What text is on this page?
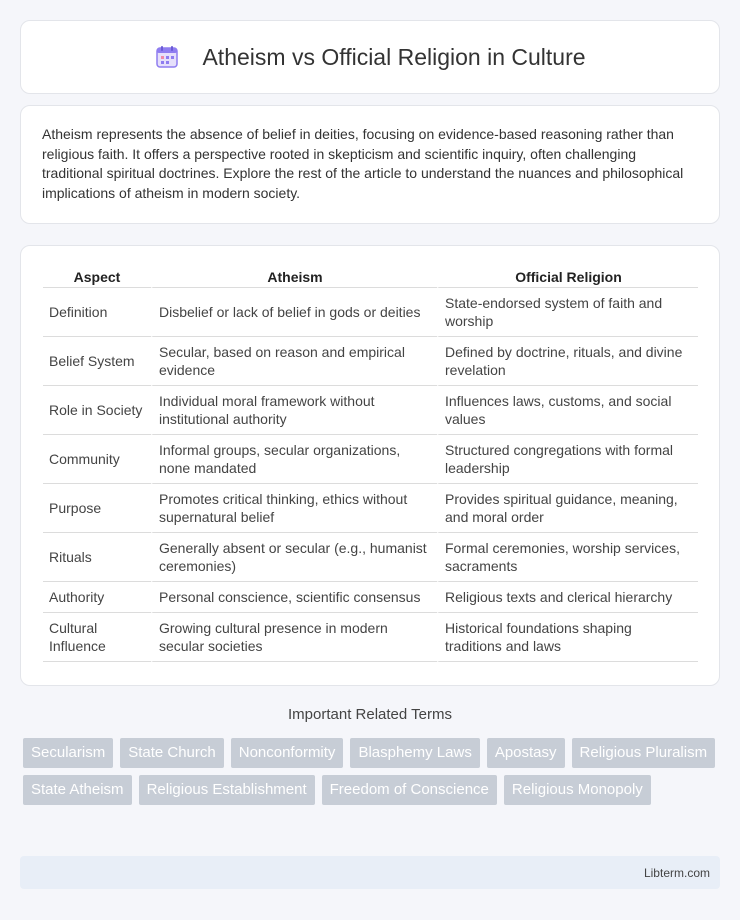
Atheism vs Official Religion in Culture

Atheism represents the absence of belief in deities, focusing on evidence-based reasoning rather than religious faith. It offers a perspective rooted in skepticism and scientific inquiry, often challenging traditional spiritual doctrines. Explore the rest of the article to understand the nuances and philosophical implications of atheism in modern society.

Aspect	Atheism	Official Religion
Definition	Disbelief or lack of belief in gods or deities	State-endorsed system of faith and worship
Belief System	Secular, based on reason and empirical evidence	Defined by doctrine, rituals, and divine revelation
Role in Society	Individual moral framework without institutional authority	Influences laws, customs, and social values
Community	Informal groups, secular organizations, none mandated	Structured congregations with formal leadership
Purpose	Promotes critical thinking, ethics without supernatural belief	Provides spiritual guidance, meaning, and moral order
Rituals	Generally absent or secular (e.g., humanist ceremonies)	Formal ceremonies, worship services, sacraments
Authority	Personal conscience, scientific consensus	Religious texts and clerical hierarchy
Cultural Influence	Growing cultural presence in modern secular societies	Historical foundations shaping traditions and laws
Important Related Terms
Secularism	State Church	Nonconformity	Blasphemy Laws	Apostasy	Religious Pluralism
State Atheism	Religious Establishment	Freedom of Conscience	Religious Monopoly
Libterm.com
